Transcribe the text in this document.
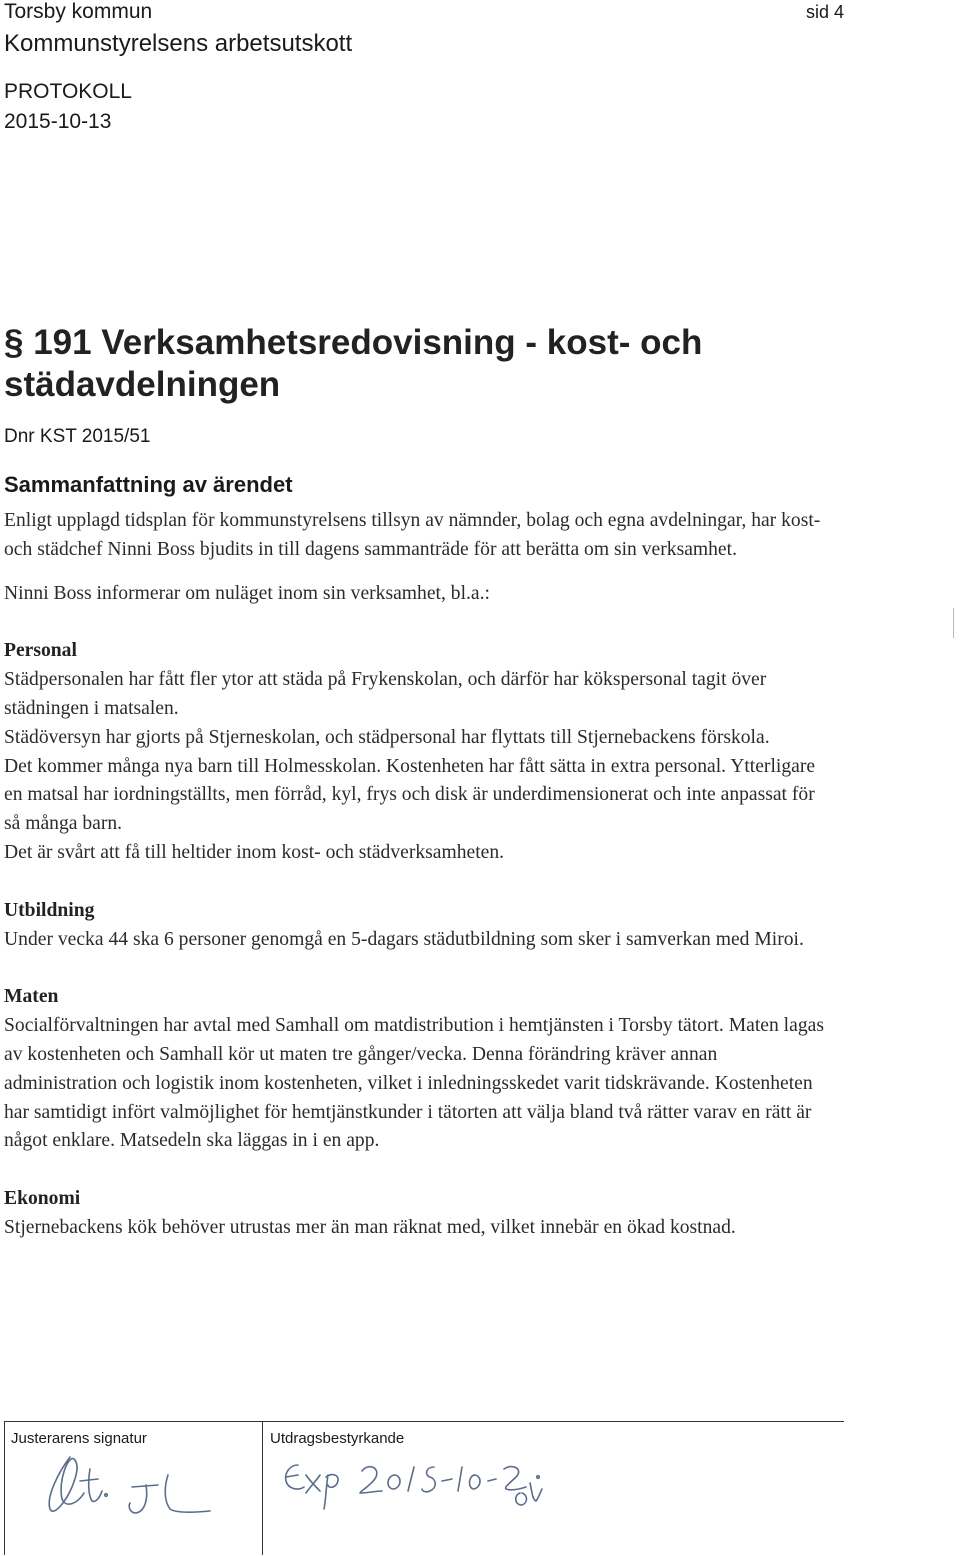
Torsby kommun
Kommunstyrelsens arbetsutskott
PROTOKOLL
2015-10-13
sid 4
§ 191 Verksamhetsredovisning - kost- och städavdelningen
Dnr KST 2015/51
Sammanfattning av ärendet

Enligt upplagd tidsplan för kommunstyrelsens tillsyn av nämnder, bolag och egna avdelningar, har kost- och städchef Ninni Boss bjudits in till dagens sammanträde för att berätta om sin verksamhet.

Ninni Boss informerar om nuläget inom sin verksamhet, bl.a.:

Personal

Städpersonalen har fått fler ytor att städa på Frykenskolan, och därför har kökspersonal tagit över städningen i matsalen.

Städöversyn har gjorts på Stjerneskolan, och städpersonal har flyttats till Stjernebackens förskola.

Det kommer många nya barn till Holmesskolan. Kostenheten har fått sätta in extra personal. Ytterligare en matsal har iordningställts, men förråd, kyl, frys och disk är underdimensionerat och inte anpassat för så många barn.

Det är svårt att få till heltider inom kost- och städverksamheten.

Utbildning

Under vecka 44 ska 6 personer genomgå en 5-dagars städutbildning som sker i samverkan med Miroi.

Maten

Socialförvaltningen har avtal med Samhall om matdistribution i hemtjänsten i Torsby tätort. Maten lagas av kostenheten och Samhall kör ut maten tre gånger/vecka. Denna förändring kräver annan administration och logistik inom kostenheten, vilket i inledningsskedet varit tidskrävande. Kostenheten har samtidigt infört valmöjlighet för hemtjänstkunder i tätorten att välja bland två rätter varav en rätt är något enklare. Matsedeln ska läggas in i en app.

Ekonomi

Stjernebackens kök behöver utrustas mer än man räknat med, vilket innebär en ökad kostnad.

Justerarens signatur	Utdragsbestyrkande
